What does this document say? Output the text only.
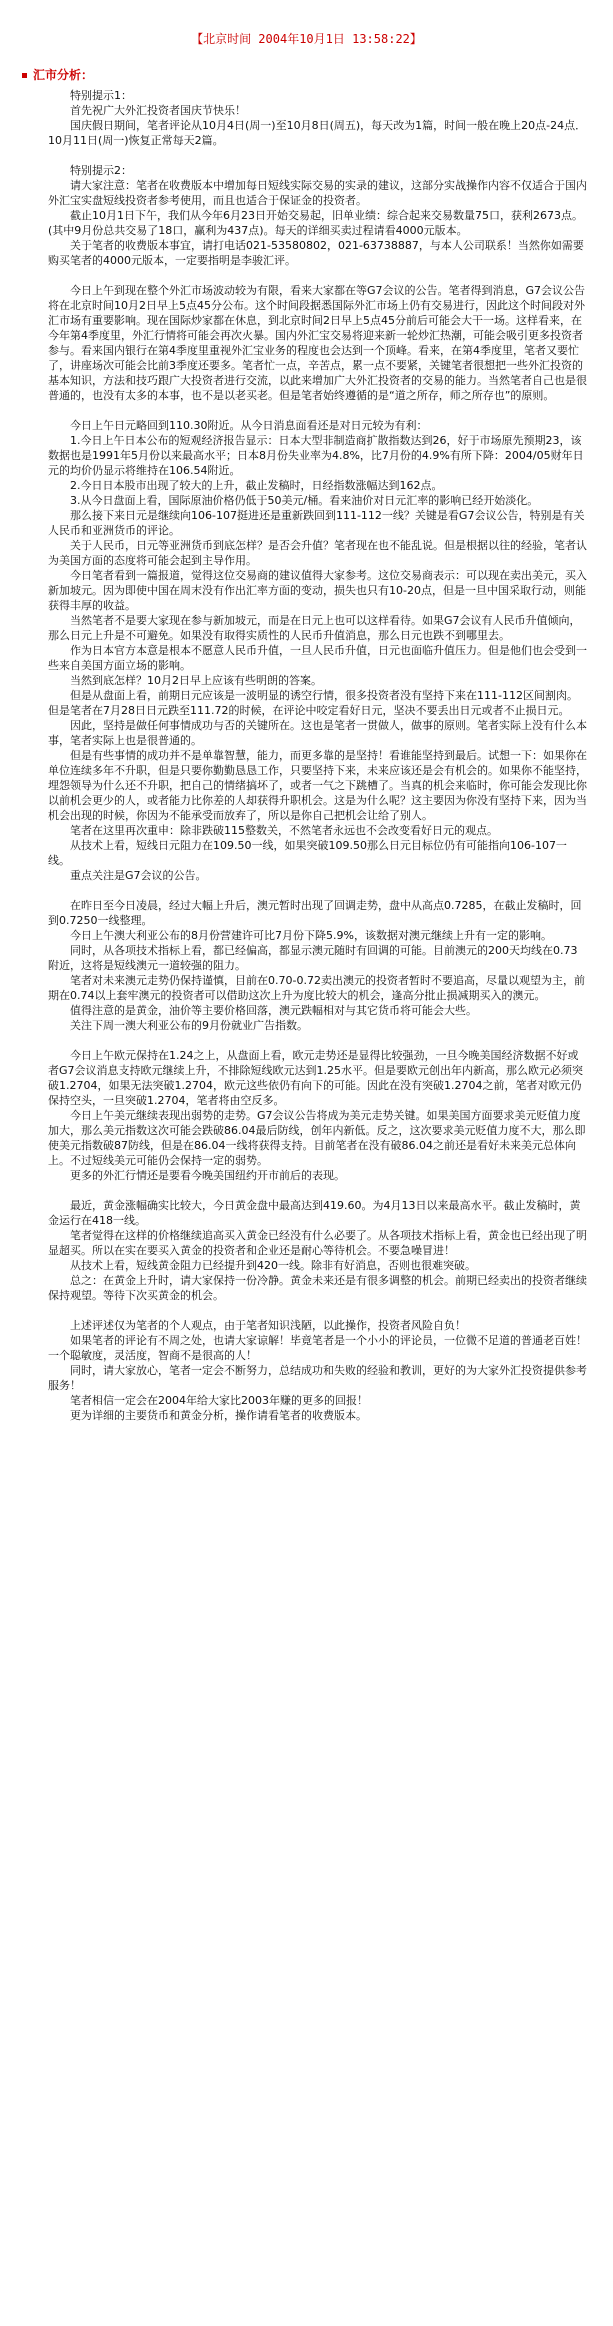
【北京时间 2004年10月1日 13:58:22】
汇市分析：

特别提示1：

首先祝广大外汇投资者国庆节快乐！

国庆假日期间，笔者评论从10月4日(周一)至10月8日(周五)，每天改为1篇，时间一般在晚上20点-24点．10月11日(周一)恢复正常每天2篇。

特别提示2：

请大家注意：笔者在收费版本中增加每日短线实际交易的实录的建议，这部分实战操作内容不仅适合于国内外汇宝实盘短线投资者参考使用，而且也适合于保证金的投资者。

截止10月1日下午，我们从今年6月23日开始交易起，旧单业绩：综合起来交易数量75口，获利2673点。(其中9月份总共交易了18口，赢利为437点)。每天的详细买卖过程请看4000元版本。

关于笔者的收费版本事宜，请打电话021-53580802，021-63738887，与本人公司联系！当然你如需要购买笔者的4000元版本，一定要指明是李骏汇评。

今日上午到现在整个外汇市场波动较为有限，看来大家都在等G7会议的公告。笔者得到消息，G7会议公告将在北京时间10月2日早上5点45分公布。这个时间段据悉国际外汇市场上仍有交易进行，因此这个时间段对外汇市场有重要影响。现在国际炒家都在休息，到北京时间2日早上5点45分前后可能会大干一场。这样看来，在今年第4季度里，外汇行情将可能会再次火暴。国内外汇宝交易将迎来新一轮炒汇热潮，可能会吸引更多投资者参与。看来国内银行在第4季度里重视外汇宝业务的程度也会达到一个顶峰。看来，在第4季度里，笔者又要忙了，讲座场次可能会比前3季度还要多。笔者忙一点，辛苦点，累一点不要紧，关键笔者很想把一些外汇投资的基本知识，方法和技巧跟广大投资者进行交流，以此来增加广大外汇投资者的交易的能力。当然笔者自己也是很普通的，也没有太多的本事，也不是以老买老。但是笔者始终遵循的是“道之所存，师之所存也”的原则。

今日上午日元略回到110.30附近。从今日消息面看还是对日元较为有利：

1.今日上午日本公布的短观经济报告显示：日本大型非制造商扩散指数达到26，好于市场原先预期23，该数据也是1991年5月份以来最高水平；日本8月份失业率为4.8%，比7月份的4.9%有所下降：2004/05财年日元的均价仍显示将维持在106.54附近。

2.今日日本股市出现了较大的上升，截止发稿时，日经指数涨幅达到162点。

3.从今日盘面上看，国际原油价格仍低于50美元/桶。看来油价对日元汇率的影响已经开始淡化。

那么接下来日元是继续向106-107挺进还是重新跌回到111-112一线？关键是看G7会议公告，特别是有关人民币和亚洲货币的评论。

关于人民币，日元等亚洲货币到底怎样？是否会升值？笔者现在也不能乱说。但是根据以往的经验，笔者认为美国方面的态度将可能会起到主导作用。

今日笔者看到一篇报道，觉得这位交易商的建议值得大家参考。这位交易商表示：可以现在卖出美元，买入新加坡元。因为即使中国在周末没有作出汇率方面的变动，损失也只有10-20点，但是一旦中国采取行动，则能获得丰厚的收益。

当然笔者不是要大家现在参与新加坡元，而是在日元上也可以这样看待。如果G7会议有人民币升值倾向，那么日元上升是不可避免。如果没有取得实质性的人民币升值消息，那么日元也跌不到哪里去。

作为日本官方本意是根本不愿意人民币升值，一旦人民币升值，日元也面临升值压力。但是他们也会受到一些来自美国方面立场的影响。

当然到底怎样？10月2日早上应该有些明朗的答案。

但是从盘面上看，前期日元应该是一波明显的诱空行情，很多投资者没有坚持下来在111-112区间割肉。但是笔者在7月28日日元跌至111.72的时候，在评论中咬定看好日元，坚决不要丢出日元或者不止损日元。

因此，坚持是做任何事情成功与否的关键所在。这也是笔者一贯做人，做事的原则。笔者实际上没有什么本事，笔者实际上也是很普通的。

但是有些事情的成功并不是单靠智慧，能力，而更多靠的是坚持！看谁能坚持到最后。试想一下：如果你在单位连续多年不升职，但是只要你勤勤恳恳工作，只要坚持下来，未来应该还是会有机会的。如果你不能坚持，埋怨领导为什么还不升职，把自己的情绪搞坏了，或者一气之下跳槽了。当真的机会来临时，你可能会发现比你以前机会更少的人，或者能力比你差的人却获得升职机会。这是为什么呢？这主要因为你没有坚持下来，因为当机会出现的时候，你因为不能承受而放弃了，所以是你自己把机会让给了别人。

笔者在这里再次重申：除非跌破115整数关，不然笔者永远也不会改变看好日元的观点。

从技术上看，短线日元阻力在109.50一线，如果突破109.50那么日元目标位仍有可能指向106-107一线。

重点关注是G7会议的公告。

在昨日至今日凌晨，经过大幅上升后，澳元暂时出现了回调走势，盘中从高点0.7285，在截止发稿时，回到0.7250一线整理。

今日上午澳大利亚公布的8月份营建许可比7月份下降5.9%，该数据对澳元继续上升有一定的影响。

同时，从各项技术指标上看，都已经偏高，都显示澳元随时有回调的可能。目前澳元的200天均线在0.73附近，这将是短线澳元一道较强的阻力。

笔者对未来澳元走势仍保持谨慎，目前在0.70-0.72卖出澳元的投资者暂时不要追高，尽量以观望为主，前期在0.74以上套牢澳元的投资者可以借助这次上升为度比较大的机会，逢高分批止损减期买入的澳元。

值得注意的是黄金，油价等主要价格回落，澳元跌幅相对与其它货币将可能会大些。

关注下周一澳大利亚公布的9月份就业广告指数。

今日上午欧元保持在1.24之上，从盘面上看，欧元走势还是显得比较强劲，一旦今晚美国经济数据不好或者G7会议消息支持欧元继续上升，不排除短线欧元达到1.25水平。但是要欧元创出年内新高，那么欧元必须突破1.2704，如果无法突破1.2704，欧元这些依仍有向下的可能。因此在没有突破1.2704之前，笔者对欧元仍保持空头，一旦突破1.2704，笔者将由空反多。

今日上午美元继续表现出弱势的走势。G7会议公告将成为美元走势关键。如果美国方面要求美元贬值力度加大，那么美元指数这次可能会跌破86.04最后防线，创年内新低。反之，这次要求美元贬值力度不大，那么即使美元指数破87防线，但是在86.04一线将获得支持。目前笔者在没有破86.04之前还是看好未来美元总体向上。不过短线美元可能仍会保持一定的弱势。

更多的外汇行情还是要看今晚美国纽约开市前后的表现。

最近，黄金涨幅确实比较大，今日黄金盘中最高达到419.60。为4月13日以来最高水平。截止发稿时，黄金运行在418一线。

笔者觉得在这样的价格继续追高买入黄金已经没有什么必要了。从各项技术指标上看，黄金也已经出现了明显超买。所以在实在要买入黄金的投资者和企业还是耐心等待机会。不要急噪冒进！

从技术上看，短线黄金阻力已经提升到420一线。除非有好消息，否则也很难突破。

总之：在黄金上升时，请大家保持一份冷静。黄金未来还是有很多调整的机会。前期已经卖出的投资者继续保持观望。等待下次买黄金的机会。

上述评述仅为笔者的个人观点，由于笔者知识浅陋，以此操作，投资者风险自负！

如果笔者的评论有不周之处，也请大家谅解！毕竟笔者是一个小小的评论员，一位微不足道的普通老百姓！一个聪敏度，灵活度，智商不是很高的人！

同时，请大家放心，笔者一定会不断努力，总结成功和失败的经验和教训，更好的为大家外汇投资提供参考服务！

笔者相信一定会在2004年给大家比2003年赚的更多的回报！

更为详细的主要货币和黄金分析，操作请看笔者的收费版本。
